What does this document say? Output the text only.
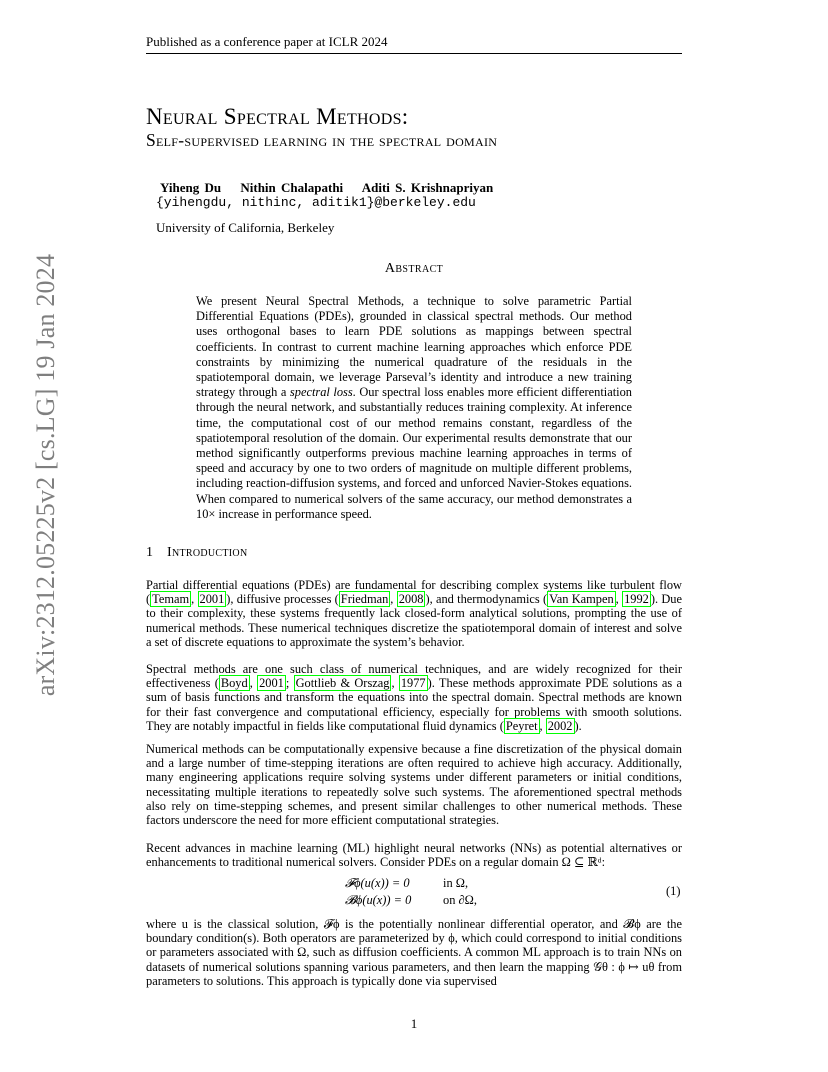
arXiv:2312.05225v2 [cs.LG] 19 Jan 2024
Published as a conference paper at ICLR 2024
Neural Spectral Methods:
Self-supervised learning in the spectral domain
Yiheng Du Nithin Chalapathi Aditi S. Krishnapriyan
{yihengdu, nithinc, aditik1}@berkeley.edu
University of California, Berkeley
Abstract
We present Neural Spectral Methods, a technique to solve parametric Partial Differential Equations (PDEs), grounded in classical spectral methods. Our method uses orthogonal bases to learn PDE solutions as mappings between spectral coefficients. In contrast to current machine learning approaches which enforce PDE constraints by minimizing the numerical quadrature of the residuals in the spatiotemporal domain, we leverage Parseval’s identity and introduce a new training strategy through a spectral loss. Our spectral loss enables more efficient differentiation through the neural network, and substantially reduces training complexity. At inference time, the computational cost of our method remains constant, regardless of the spatiotemporal resolution of the domain. Our experimental results demonstrate that our method significantly outperforms previous machine learning approaches in terms of speed and accuracy by one to two orders of magnitude on multiple different problems, including reaction-diffusion systems, and forced and unforced Navier-Stokes equations. When compared to numerical solvers of the same accuracy, our method demonstrates a 10× increase in performance speed.
1 Introduction
Partial differential equations (PDEs) are fundamental for describing complex systems like turbulent flow ( Temam , 2001 ), diffusive processes ( Friedman , 2008 ), and thermodynamics ( Van Kampen , 1992 ). Due to their complexity, these systems frequently lack closed-form analytical solutions, prompting the use of numerical methods. These numerical techniques discretize the spatiotemporal domain of interest and solve a set of discrete equations to approximate the system’s behavior.
Spectral methods are one such class of numerical techniques, and are widely recognized for their effectiveness ( Boyd , 2001 ; Gottlieb & Orszag , 1977 ). These methods approximate PDE solutions as a sum of basis functions and transform the equations into the spectral domain. Spectral methods are known for their fast convergence and computational efficiency, especially for problems with smooth solutions. They are notably impactful in fields like computational fluid dynamics ( Peyret , 2002 ).
Numerical methods can be computationally expensive because a fine discretization of the physical domain and a large number of time-stepping iterations are often required to achieve high accuracy. Additionally, many engineering applications require solving systems under different parameters or initial conditions, necessitating multiple iterations to repeatedly solve such systems. The aforementioned spectral methods also rely on time-stepping schemes, and present similar challenges to other numerical methods. These factors underscore the need for more efficient computational strategies.
Recent advances in machine learning (ML) highlight neural networks (NNs) as potential alternatives or enhancements to traditional numerical solvers. Consider PDEs on a regular domain Ω ⊆ ℝᵈ:
𝓕ϕ(u(x)) = 0	in Ω,
𝓑ϕ(u(x)) = 0	on ∂Ω,
(1)
where u is the classical solution, 𝓕ϕ is the potentially nonlinear differential operator, and 𝓑ϕ are the boundary condition(s). Both operators are parameterized by ϕ, which could correspond to initial conditions or parameters associated with Ω, such as diffusion coefficients. A common ML approach is to train NNs on datasets of numerical solutions spanning various parameters, and then learn the mapping 𝒢θ : ϕ ↦ uθ from parameters to solutions. This approach is typically done via supervised
1
